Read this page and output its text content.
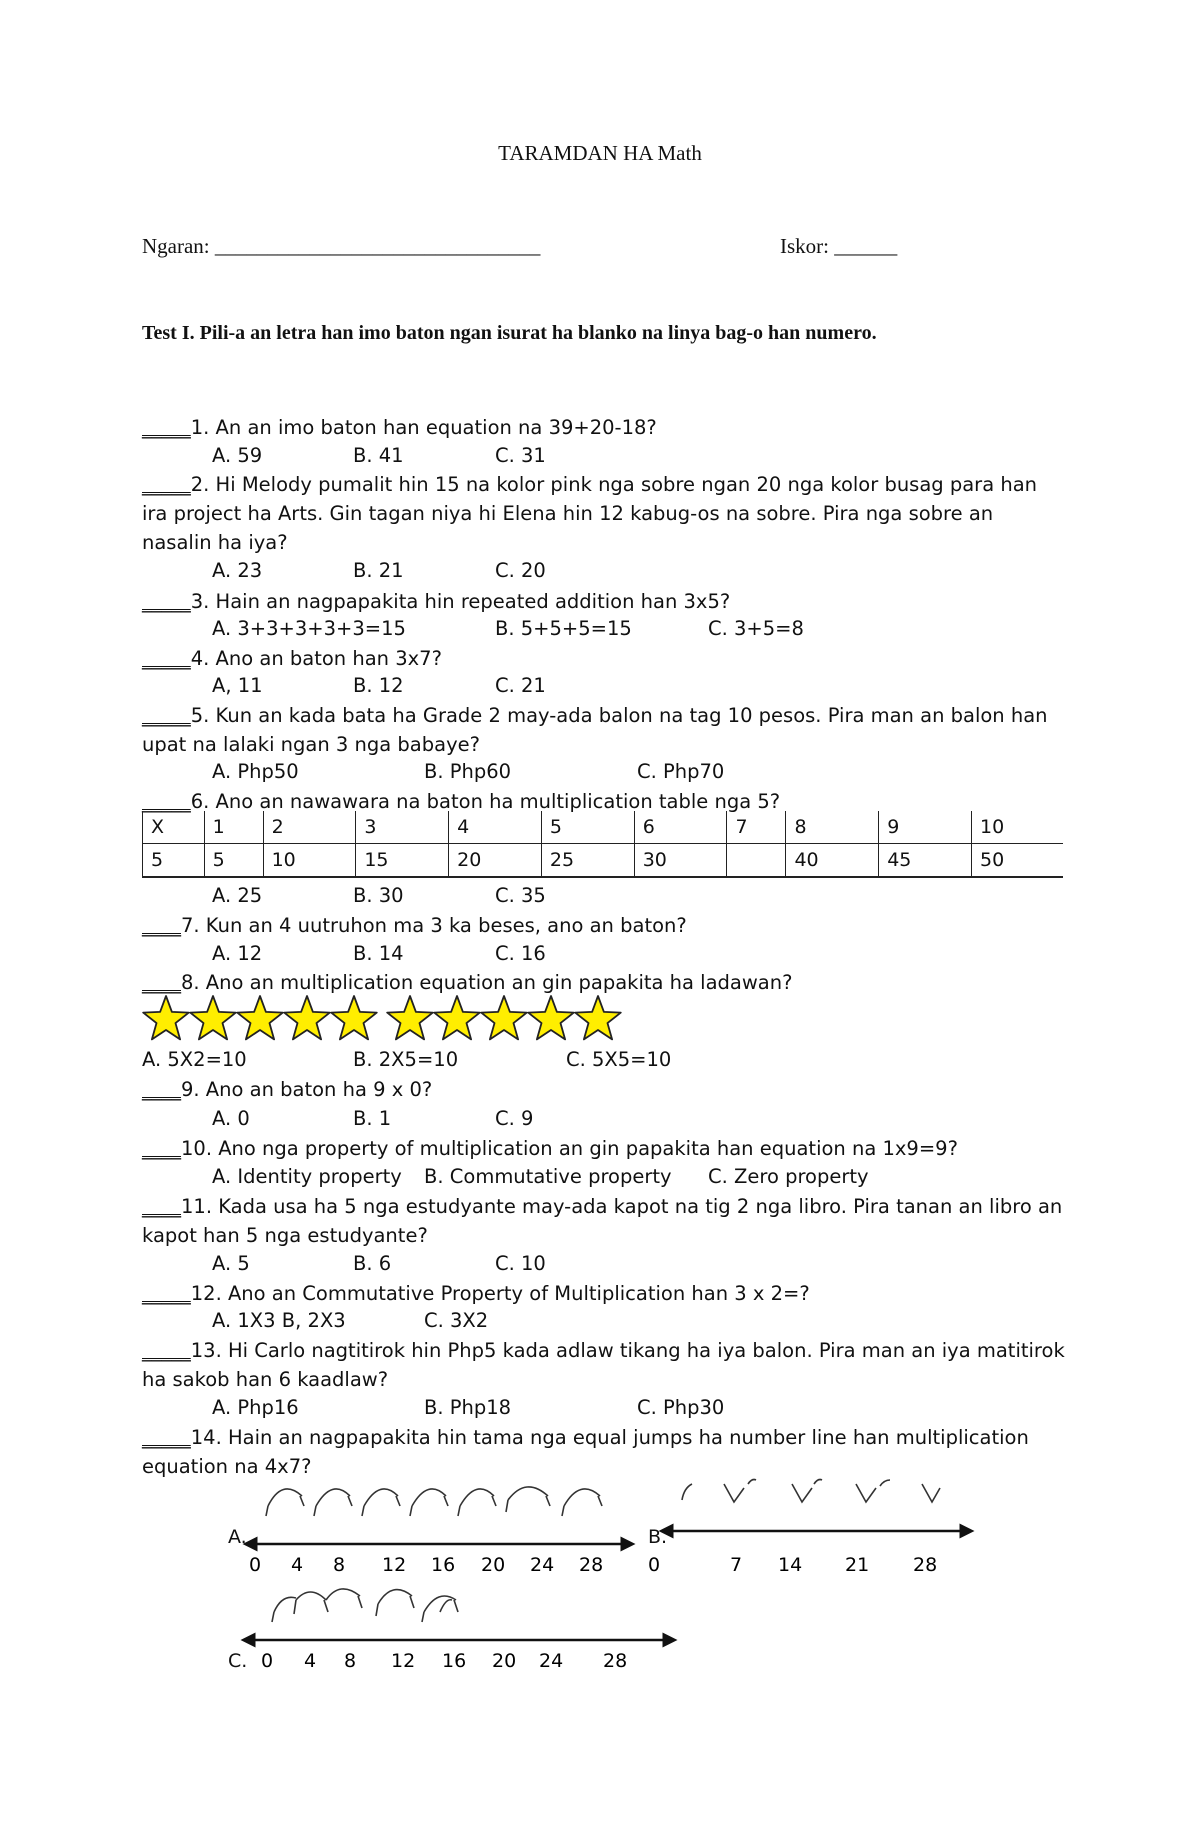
TARAMDAN HA Math
Ngaran: _______________________________	Iskor: ______
Test I. Pili-a an letra han imo baton ngan isurat ha blanko na linya bag-o han numero.
_____1. An an imo baton han equation na 39+20-18?
A. 59	B. 41	C. 31
_____2. Hi Melody pumalit hin 15 na kolor pink nga sobre ngan 20 nga kolor busag para han ira project ha Arts. Gin tagan niya hi Elena hin 12 kabug-os na sobre. Pira nga sobre an nasalin ha iya?
A. 23	B. 21	C. 20
_____3. Hain an nagpapakita hin repeated addition han 3x5?
A. 3+3+3+3+3=15	B. 5+5+5=15	C. 3+5=8
_____4. Ano an baton han 3x7?
A, 11	B. 12	C. 21
_____5. Kun an kada bata ha Grade 2 may-ada balon na tag 10 pesos. Pira man an balon han upat na lalaki ngan 3 nga babaye?
A. Php50	B. Php60	C. Php70
_____6. Ano an nawawara na baton ha multiplication table nga 5?
X	1	2	3	4	5	6	7	8	9	10
5	5	10	15	20	25	30		40	45	50
A. 25	B. 30	C. 35
____7. Kun an 4 uutruhon ma 3 ka beses, ano an baton?
A. 12	B. 14	C. 16
____8. Ano an multiplication equation an gin papakita ha ladawan?
A. 5X2=10	B. 2X5=10	C. 5X5=10
____9. Ano an baton ha 9 x 0?
A. 0	B. 1	C. 9
____10. Ano nga property of multiplication an gin papakita han equation na 1x9=9?
A. Identity property B. Commutative property C. Zero property
____11. Kada usa ha 5 nga estudyante may-ada kapot na tig 2 nga libro. Pira tanan an libro an kapot han 5 nga estudyante?
A. 5	B. 6	C. 10
_____12. Ano an Commutative Property of Multiplication han 3 x 2=?
A. 1X3 B, 2X3	C. 3X2
_____13. Hi Carlo nagtitirok hin Php5 kada adlaw tikang ha iya balon. Pira man an iya matitirok ha sakob han 6 kaadlaw?
A. Php16	B. Php18	C. Php30
_____14. Hain an nagpapakita hin tama nga equal jumps ha number line han multiplication equation na 4x7?
A.	B.
C.
0 4 8 12 16 20 24 28 0	7 14 21 28
0 4 8 12 16 20 24 28
